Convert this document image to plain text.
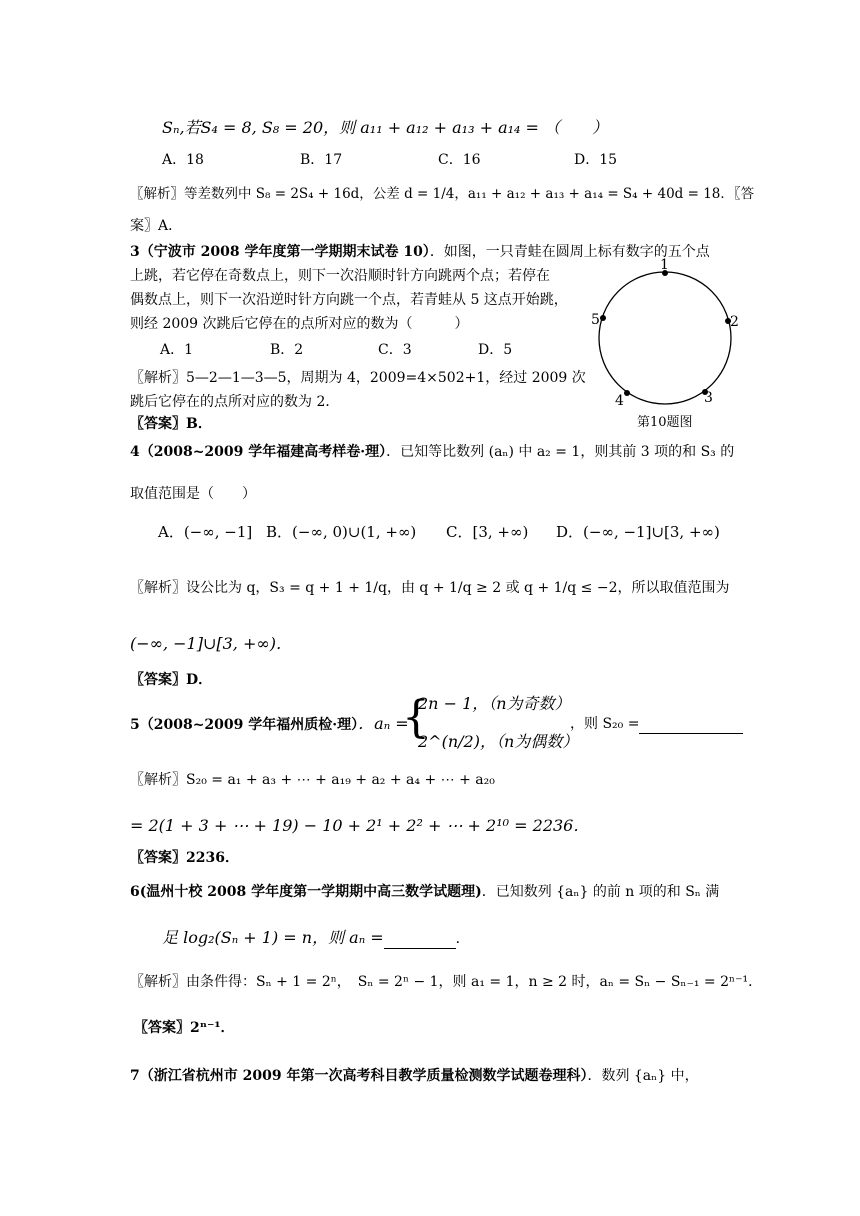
Sₙ,若S₄ = 8, S₈ = 20，则 a₁₁ + a₁₂ + a₁₃ + a₁₄ = （　　）
A．18	B．17	C．16	D．15
〖解析〗等差数列中 S₈ = 2S₄ + 16d，公差 d = 1/4，a₁₁ + a₁₂ + a₁₃ + a₁₄ = S₄ + 40d = 18．〖答
案〗A．
3（宁波市 2008 学年度第一学期期末试卷 10）．如图，一只青蛙在圆周上标有数字的五个点
上跳，若它停在奇数点上，则下一次沿顺时针方向跳两个点；若停在
偶数点上，则下一次沿逆时针方向跳一个点，若青蛙从 5 这点开始跳，
则经 2009 次跳后它停在的点所对应的数为（　　　）
A．1	B．2	C．3	D．5
〖解析〗5—2—1—3—5，周期为 4，2009=4×502+1，经过 2009 次
跳后它停在的点所对应的数为 2．
〖答案〗B．
1
2
3
4
5
第10题图
4（2008~2009 学年福建高考样卷·理）．已知等比数列 (aₙ) 中 a₂ = 1，则其前 3 项的和 S₃ 的
取值范围是（　　）
A．(−∞, −1] B．(−∞, 0)∪(1, +∞) C．[3, +∞) D．(−∞, −1]∪[3, +∞)
〖解析〗设公比为 q，S₃ = q + 1 + 1/q，由 q + 1/q ≥ 2 或 q + 1/q ≤ −2，所以取值范围为
(−∞, −1]∪[3, +∞)．
〖答案〗D．
5（2008~2009 学年福州质检·理）．aₙ =
{
2n − 1，（n为奇数）
2^(n/2)，（n为偶数）
，则 S₂₀ =
〖解析〗S₂₀ = a₁ + a₃ + ⋯ + a₁₉ + a₂ + a₄ + ⋯ + a₂₀
= 2(1 + 3 + ⋯ + 19) − 10 + 2¹ + 2² + ⋯ + 2¹⁰ = 2236．
〖答案〗2236．
6(温州十校 2008 学年度第一学期期中高三数学试题理)．已知数列 {aₙ} 的前 n 项的和 Sₙ 满
足 log₂(Sₙ + 1) = n，则 aₙ =	．
〖解析〗由条件得：Sₙ + 1 = 2ⁿ，　Sₙ = 2ⁿ − 1，则 a₁ = 1，n ≥ 2 时，aₙ = Sₙ − Sₙ₋₁ = 2ⁿ⁻¹．
〖答案〗2ⁿ⁻¹．
7（浙江省杭州市 2009 年第一次高考科目教学质量检测数学试题卷理科）．数列 {aₙ} 中，
